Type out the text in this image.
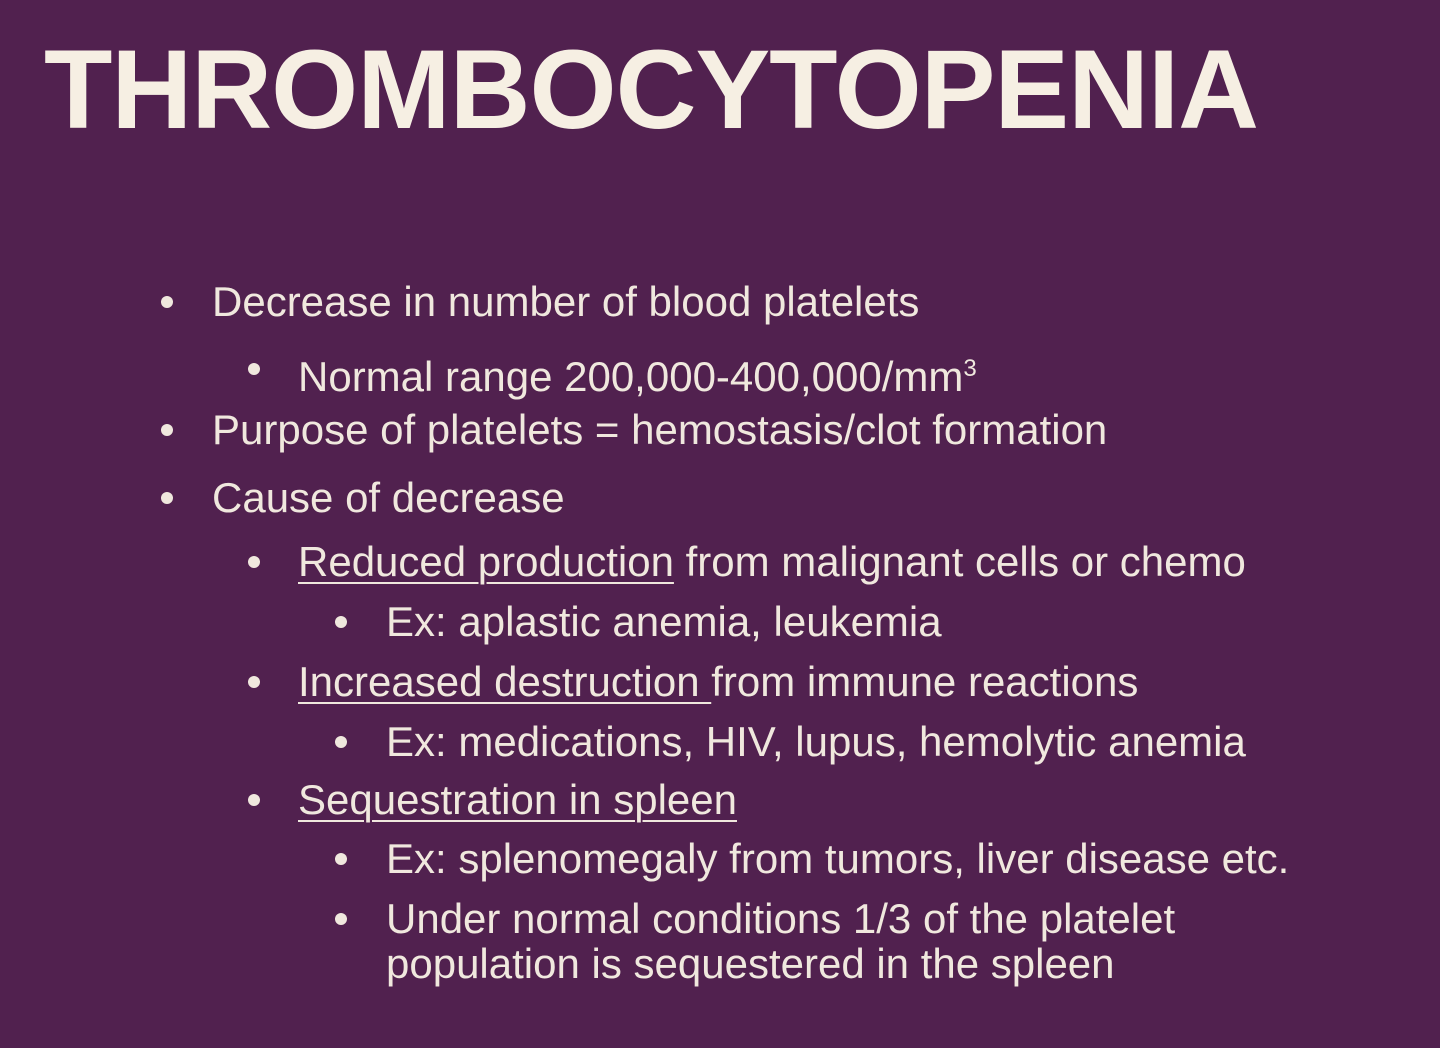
THROMBOCYTOPENIA
Decrease in number of blood platelets
Normal range $200,000-400,000/mm^3$
Purpose of platelets = hemostasis/clot formation
Cause of decrease
Reduced production from malignant cells or chemo
Ex: aplastic anemia, leukemia
Increased destruction from immune reactions
Ex: medications, HIV, lupus, hemolytic anemia
Sequestration in spleen
Ex: splenomegaly from tumors, liver disease etc.
Under normal conditions 1/3 of the platelet
population is sequestered in the spleen
